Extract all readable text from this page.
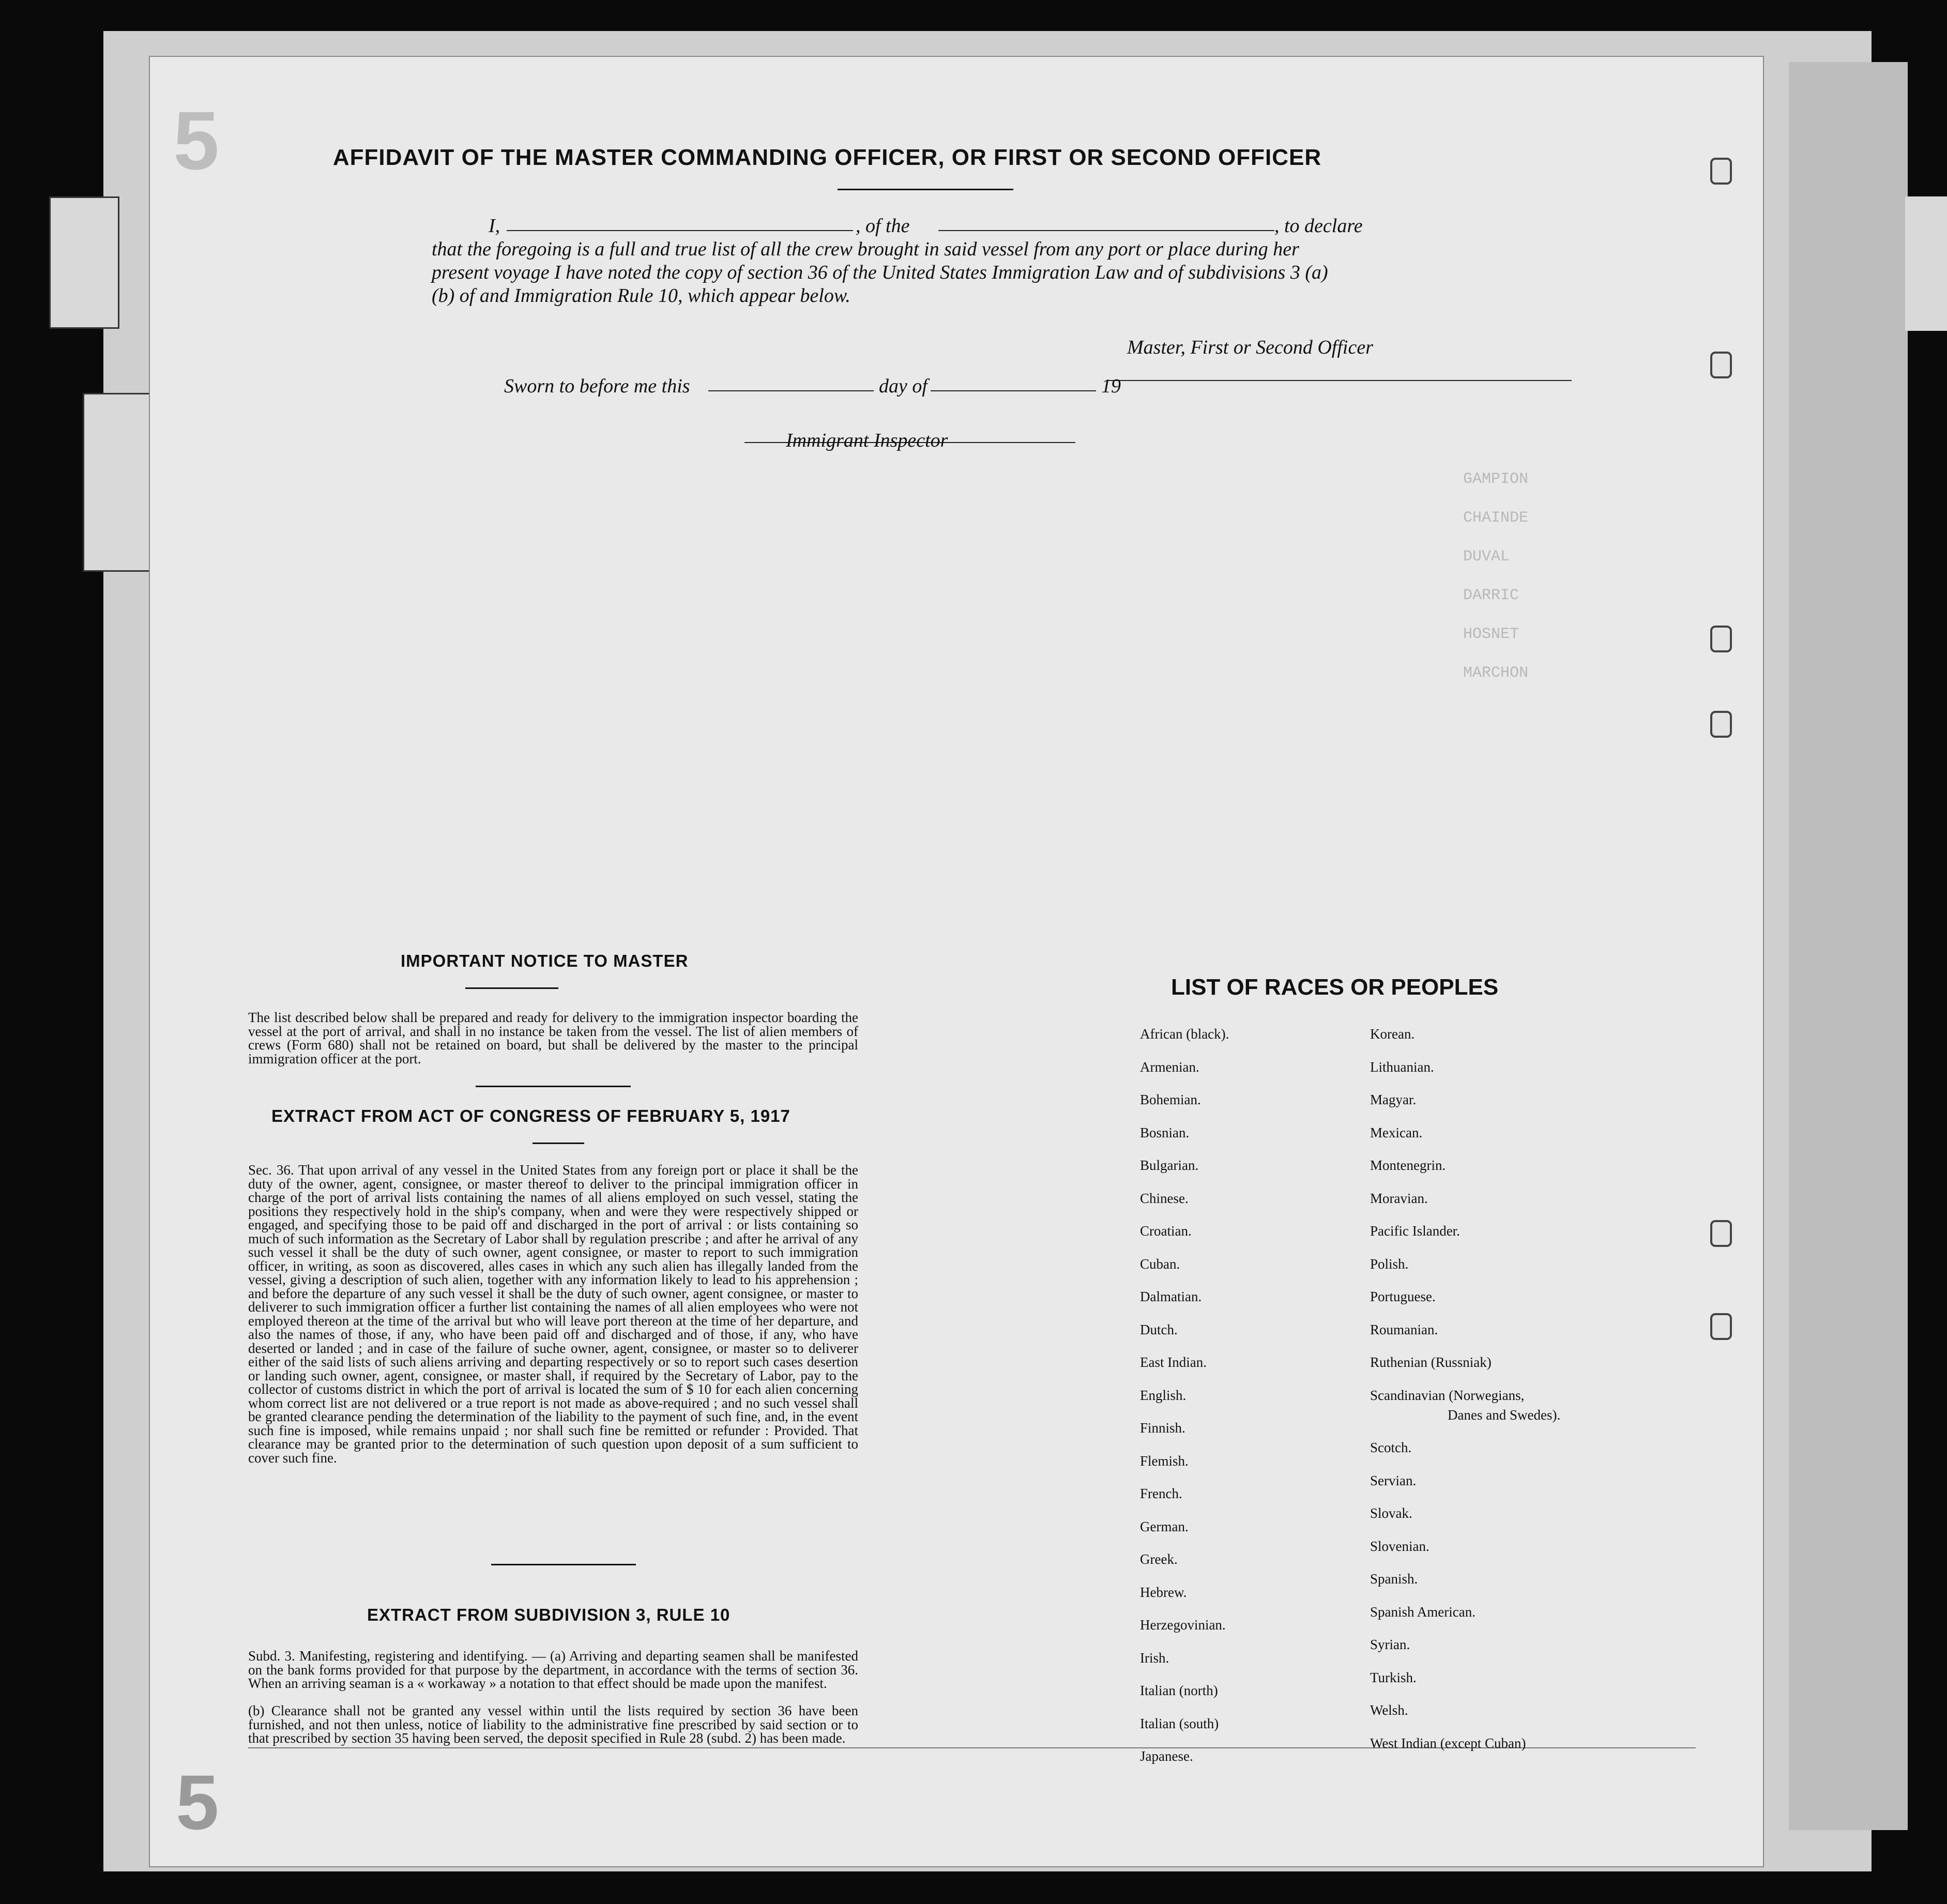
5
GAMPION
CHAINDE
DUVAL
DARRIC
HOSNET
MARCHON
AFFIDAVIT OF THE MASTER COMMANDING OFFICER, OR FIRST OR SECOND OFFICER
I,	, of the	, to declare
that the foregoing is a full and true list of all the crew brought in said vessel from any port or place during her
present voyage I have noted the copy of section 36 of the United States Immigration Law and of subdivisions 3 (a)
(b) of and Immigration Rule 10, which appear below.
Master, First or Second Officer
Sworn to before me this	day of	19
Immigrant Inspector
IMPORTANT NOTICE TO MASTER
The list described below shall be prepared and ready for delivery to the immigration inspector boarding the vessel at the port of arrival, and shall in no instance be taken from the vessel. The list of alien members of crews (Form 680) shall not be retained on board, but shall be delivered by the master to the principal immigration officer at the port.
EXTRACT FROM ACT OF CONGRESS OF FEBRUARY 5, 1917
Sec. 36. That upon arrival of any vessel in the United States from any foreign port or place it shall be the duty of the owner, agent, consignee, or master thereof to deliver to the principal immigration officer in charge of the port of arrival lists containing the names of all aliens employed on such vessel, stating the positions they respectively hold in the ship's company, when and were they were respectively shipped or engaged, and specifying those to be paid off and discharged in the port of arrival : or lists containing so much of such information as the Secretary of Labor shall by regulation prescribe ; and after he arrival of any such vessel it shall be the duty of such owner, agent consignee, or master to report to such immigration officer, in writing, as soon as discovered, alles cases in which any such alien has illegally landed from the vessel, giving a description of such alien, together with any information likely to lead to his apprehension ; and before the departure of any such vessel it shall be the duty of such owner, agent consignee, or master to deliverer to such immigration officer a further list containing the names of all alien employees who were not employed thereon at the time of the arrival but who will leave port thereon at the time of her departure, and also the names of those, if any, who have been paid off and discharged and of those, if any, who have deserted or landed ; and in case of the failure of suche owner, agent, consignee, or master so to deliverer either of the said lists of such aliens arriving and departing respectively or so to report such cases desertion or landing such owner, agent, consignee, or master shall, if required by the Secretary of Labor, pay to the collector of customs district in which the port of arrival is located the sum of $ 10 for each alien concerning whom correct list are not delivered or a true report is not made as above-required ; and no such vessel shall be granted clearance pending the determination of the liability to the payment of such fine, and, in the event such fine is imposed, while remains unpaid ; nor shall such fine be remitted or refunder : Provided. That clearance may be granted prior to the determination of such question upon deposit of a sum sufficient to cover such fine.
EXTRACT FROM SUBDIVISION 3, RULE 10
Subd. 3. Manifesting, registering and identifying. — (a) Arriving and departing seamen shall be manifested on the bank forms provided for that purpose by the department, in accordance with the terms of section 36. When an arriving seaman is a « workaway » a notation to that effect should be made upon the manifest.
(b) Clearance shall not be granted any vessel within until the lists required by section 36 have been furnished, and not then unless, notice of liability to the administrative fine prescribed by said section or to that prescribed by section 35 having been served, the deposit specified in Rule 28 (subd. 2) has been made.
LIST OF RACES OR PEOPLES
5
African (black).
Armenian.
Bohemian.
Bosnian.
Bulgarian.
Chinese.
Croatian.
Cuban.
Dalmatian.
Dutch.
East Indian.
English.
Finnish.
Flemish.
French.
German.
Greek.
Hebrew.
Herzegovinian.
Irish.
Italian (north)
Italian (south)
Japanese.
Korean.
Lithuanian.
Magyar.
Mexican.
Montenegrin.
Moravian.
Pacific Islander.
Polish.
Portuguese.
Roumanian.
Ruthenian (Russniak)
Scandinavian (Norwegians,
Danes and Swedes).
Scotch.
Servian.
Slovak.
Slovenian.
Spanish.
Spanish American.
Syrian.
Turkish.
Welsh.
West Indian (except Cuban)
